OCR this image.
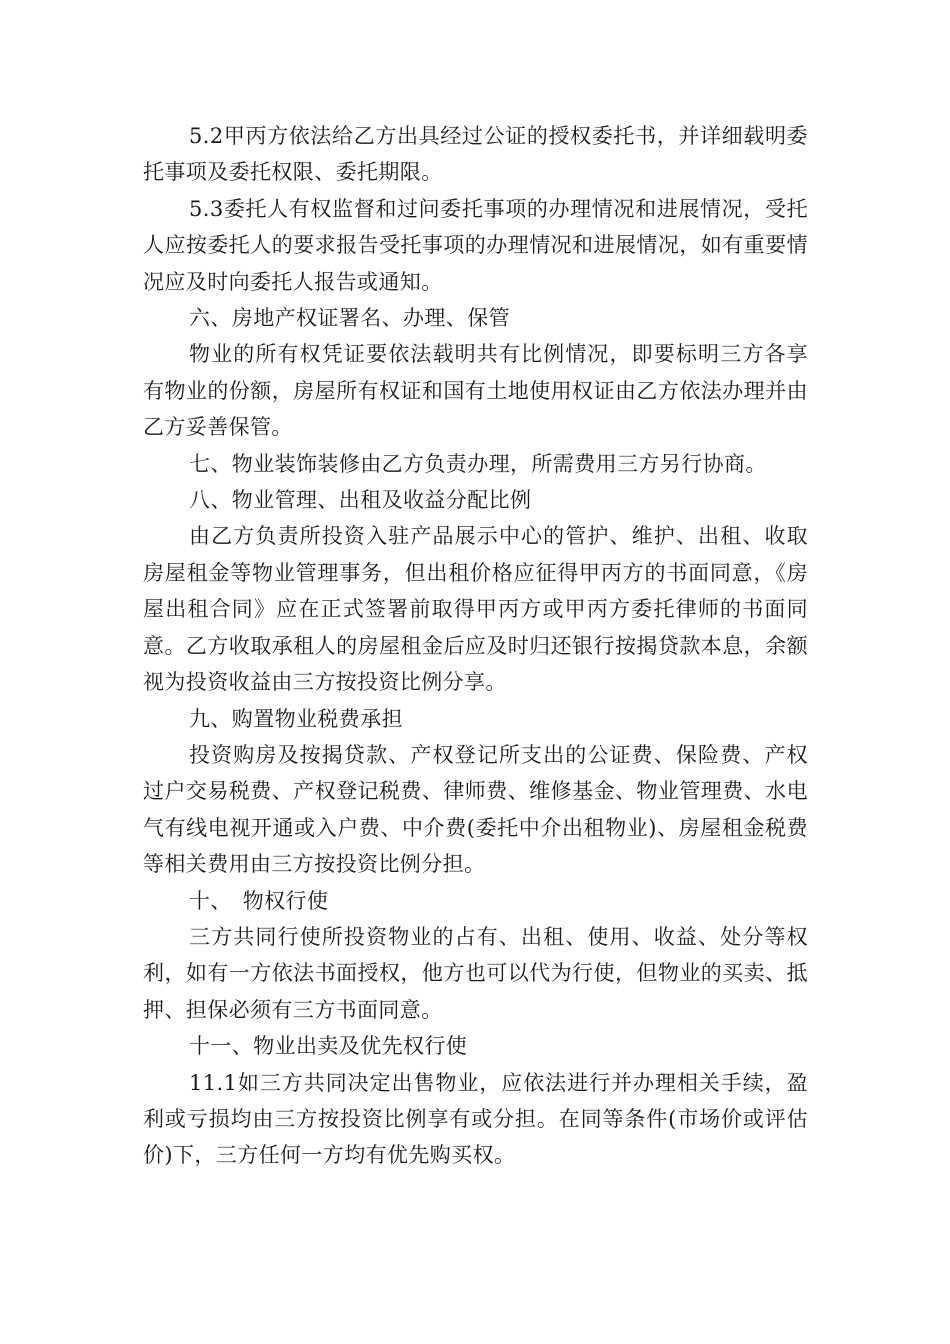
5.2甲丙方依法给乙方出具经过公证的授权委托书，并详细载明委托事项及委托权限、委托期限。

5.3委托人有权监督和过问委托事项的办理情况和进展情况，受托人应按委托人的要求报告受托事项的办理情况和进展情况，如有重要情况应及时向委托人报告或通知。

六、房地产权证署名、办理、保管

物业的所有权凭证要依法载明共有比例情况，即要标明三方各享有物业的份额，房屋所有权证和国有土地使用权证由乙方依法办理并由乙方妥善保管。

七、物业装饰装修由乙方负责办理，所需费用三方另行协商。

八、物业管理、出租及收益分配比例

由乙方负责所投资入驻产品展示中心的管护、维护、出租、收取房屋租金等物业管理事务，但出租价格应征得甲丙方的书面同意，《房屋出租合同》应在正式签署前取得甲丙方或甲丙方委托律师的书面同意。乙方收取承租人的房屋租金后应及时归还银行按揭贷款本息，余额视为投资收益由三方按投资比例分享。

九、购置物业税费承担

投资购房及按揭贷款、产权登记所支出的公证费、保险费、产权过户交易税费、产权登记税费、律师费、维修基金、物业管理费、水电气有线电视开通或入户费、中介费(委托中介出租物业)、房屋租金税费等相关费用由三方按投资比例分担。

十、　物权行使

三方共同行使所投资物业的占有、出租、使用、收益、处分等权利，如有一方依法书面授权，他方也可以代为行使，但物业的买卖、抵押、担保必须有三方书面同意。

十一、物业出卖及优先权行使

11.1如三方共同决定出售物业，应依法进行并办理相关手续，盈利或亏损均由三方按投资比例享有或分担。在同等条件(市场价或评估价)下，三方任何一方均有优先购买权。
